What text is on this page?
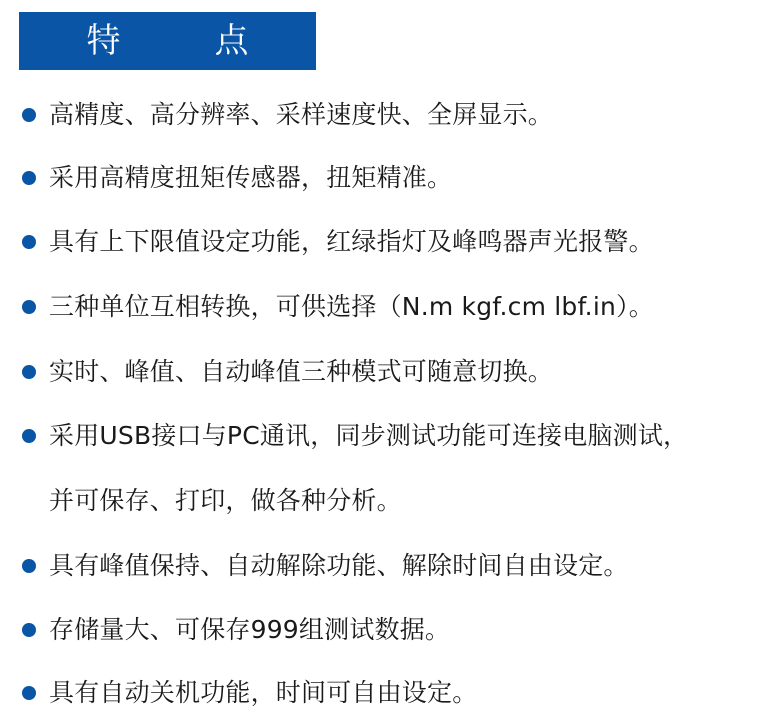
特　点
高精度、高分辨率、采样速度快、全屏显示。
采用高精度扭矩传感器，扭矩精准。
具有上下限值设定功能，红绿指灯及峰鸣器声光报警。
三种单位互相转换，可供选择（N.m kgf.cm lbf.in）。
实时、峰值、自动峰值三种模式可随意切换。
采用USB接口与PC通讯，同步测试功能可连接电脑测试，
并可保存、打印，做各种分析。
具有峰值保持、自动解除功能、解除时间自由设定。
存储量大、可保存999组测试数据。
具有自动关机功能，时间可自由设定。
